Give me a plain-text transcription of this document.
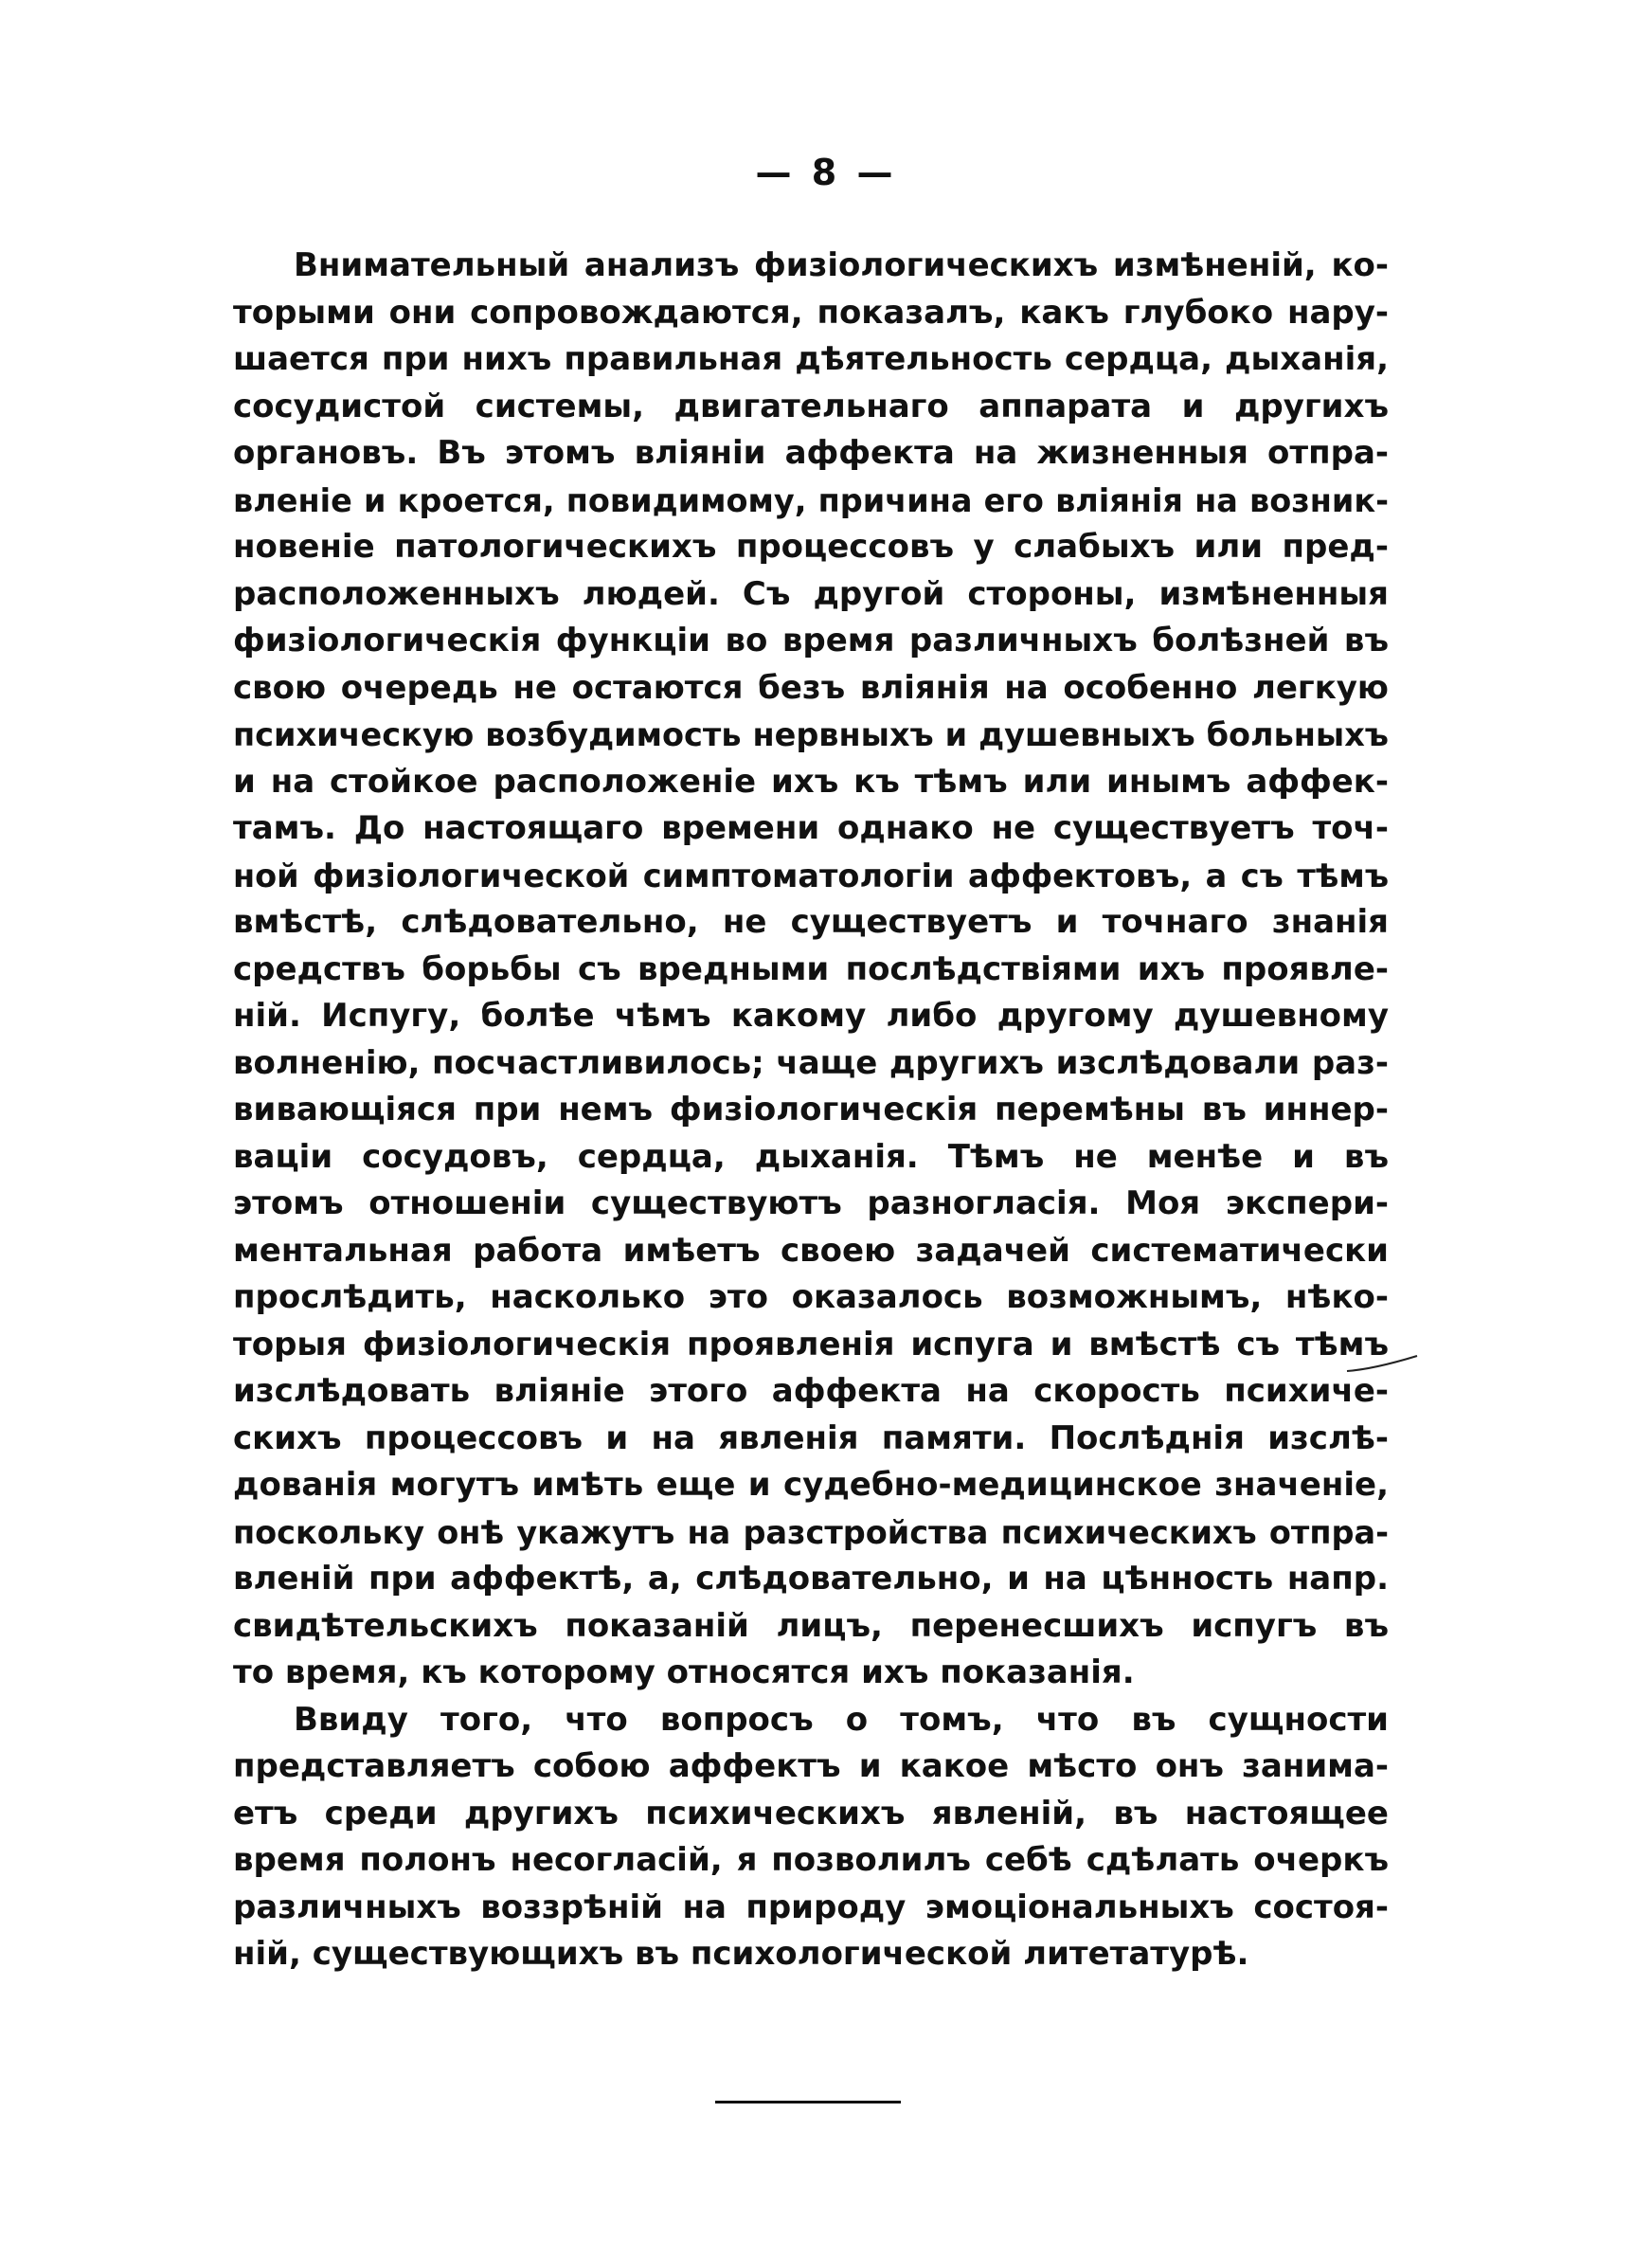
— 8 —
Внимательный анализъ физіологическихъ измѣненій, ко-
торыми они сопровождаются, показалъ, какъ глубоко нару-
шается при нихъ правильная дѣятельность сердца, дыханія,
сосудистой системы, двигательнаго аппарата и другихъ
органовъ. Въ этомъ вліяніи аффекта на жизненныя отпра-
вленіе и кроется, повидимому, причина его вліянія на возник-
новеніе патологическихъ процессовъ у слабыхъ или пред-
расположенныхъ людей. Съ другой стороны, измѣненныя
физіологическія функціи во время различныхъ болѣзней въ
свою очередь не остаются безъ вліянія на особенно легкую
психическую возбудимость нервныхъ и душевныхъ больныхъ
и на стойкое расположеніе ихъ къ тѣмъ или инымъ аффек-
тамъ. До настоящаго времени однако не существуетъ точ-
ной физіологической симптоматологіи аффектовъ, а съ тѣмъ
вмѣстѣ, слѣдовательно, не существуетъ и точнаго знанія
средствъ борьбы съ вредными послѣдствіями ихъ проявле-
ній. Испугу, болѣе чѣмъ какому либо другому душевному
волненію, посчастливилось; чаще другихъ изслѣдовали раз-
вивающіяся при немъ физіологическія перемѣны въ иннер-
ваціи сосудовъ, сердца, дыханія. Тѣмъ не менѣе и въ
этомъ отношеніи существуютъ разногласія. Моя экспери-
ментальная работа имѣетъ своею задачей систематически
прослѣдить, насколько это оказалось возможнымъ, нѣко-
торыя физіологическія проявленія испуга и вмѣстѣ съ тѣмъ
изслѣдовать вліяніе этого аффекта на скорость психиче-
скихъ процессовъ и на явленія памяти. Послѣднія изслѣ-
дованія могутъ имѣть еще и судебно-медицинское значеніе,
поскольку онѣ укажутъ на разстройства психическихъ отпра-
вленій при аффектѣ, а, слѣдовательно, и на цѣнность напр.
свидѣтельскихъ показаній лицъ, перенесшихъ испугъ въ
то время, къ которому относятся ихъ показанія.
Ввиду того, что вопросъ о томъ, что въ сущности
представляетъ собою аффектъ и какое мѣсто онъ занима-
етъ среди другихъ психическихъ явленій, въ настоящее
время полонъ несогласій, я позволилъ себѣ сдѣлать очеркъ
различныхъ воззрѣній на природу эмоціональныхъ состоя-
ній, существующихъ въ психологической литетатурѣ.
